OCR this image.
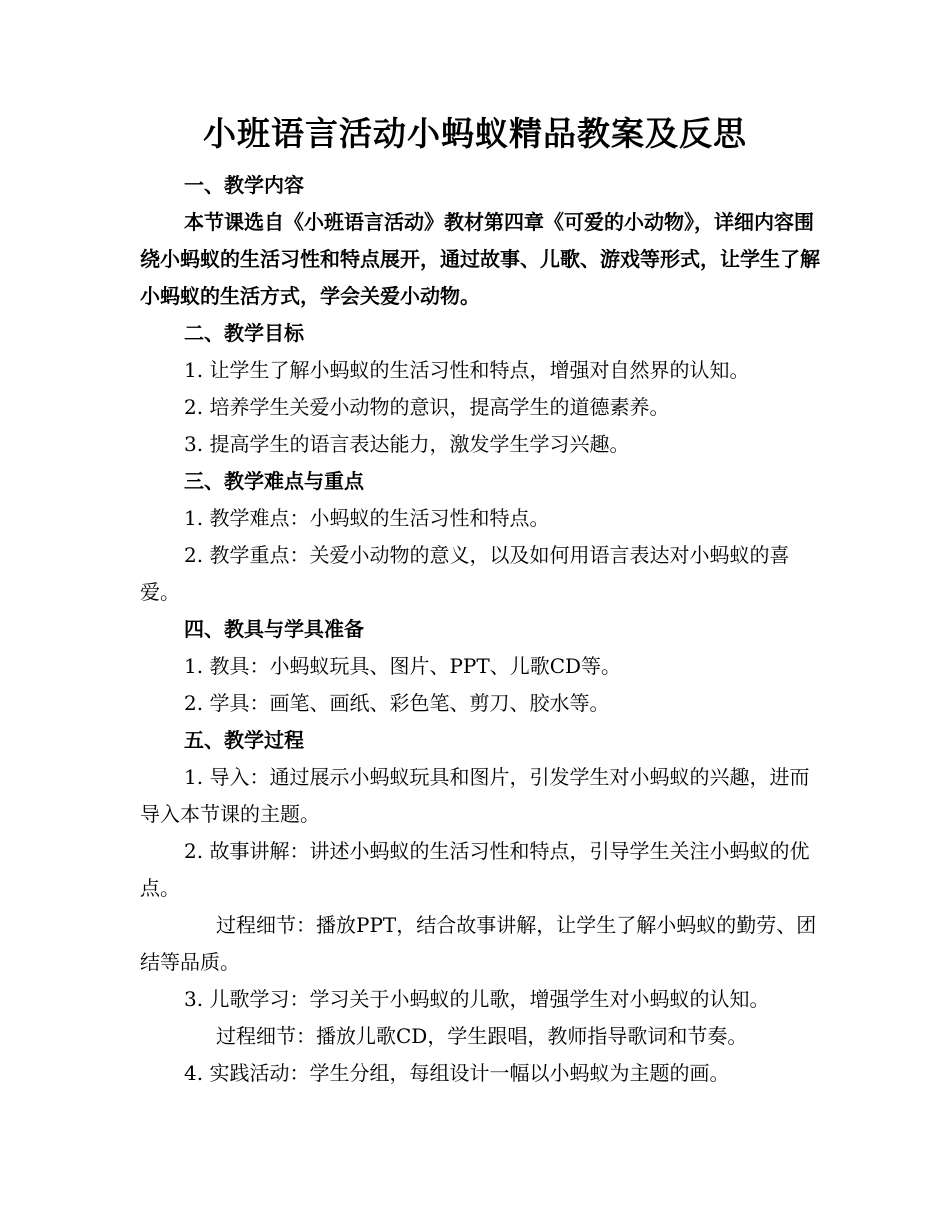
小班语言活动小蚂蚁精品教案及反思

一、教学内容

本节课选自《小班语言活动》教材第四章《可爱的小动物》，详细内容围绕小蚂蚁的生活习性和特点展开，通过故事、儿歌、游戏等形式，让学生了解小蚂蚁的生活方式，学会关爱小动物。

二、教学目标

1. 让学生了解小蚂蚁的生活习性和特点，增强对自然界的认知。

2. 培养学生关爱小动物的意识，提高学生的道德素养。

3. 提高学生的语言表达能力，激发学生学习兴趣。

三、教学难点与重点

1. 教学难点：小蚂蚁的生活习性和特点。

2. 教学重点：关爱小动物的意义，以及如何用语言表达对小蚂蚁的喜爱。

四、教具与学具准备

1. 教具：小蚂蚁玩具、图片、PPT、儿歌CD等。

2. 学具：画笔、画纸、彩色笔、剪刀、胶水等。

五、教学过程

1. 导入：通过展示小蚂蚁玩具和图片，引发学生对小蚂蚁的兴趣，进而导入本节课的主题。

2. 故事讲解：讲述小蚂蚁的生活习性和特点，引导学生关注小蚂蚁的优点。

过程细节：播放PPT，结合故事讲解，让学生了解小蚂蚁的勤劳、团结等品质。

3. 儿歌学习：学习关于小蚂蚁的儿歌，增强学生对小蚂蚁的认知。

过程细节：播放儿歌CD，学生跟唱，教师指导歌词和节奏。

4. 实践活动：学生分组，每组设计一幅以小蚂蚁为主题的画。
